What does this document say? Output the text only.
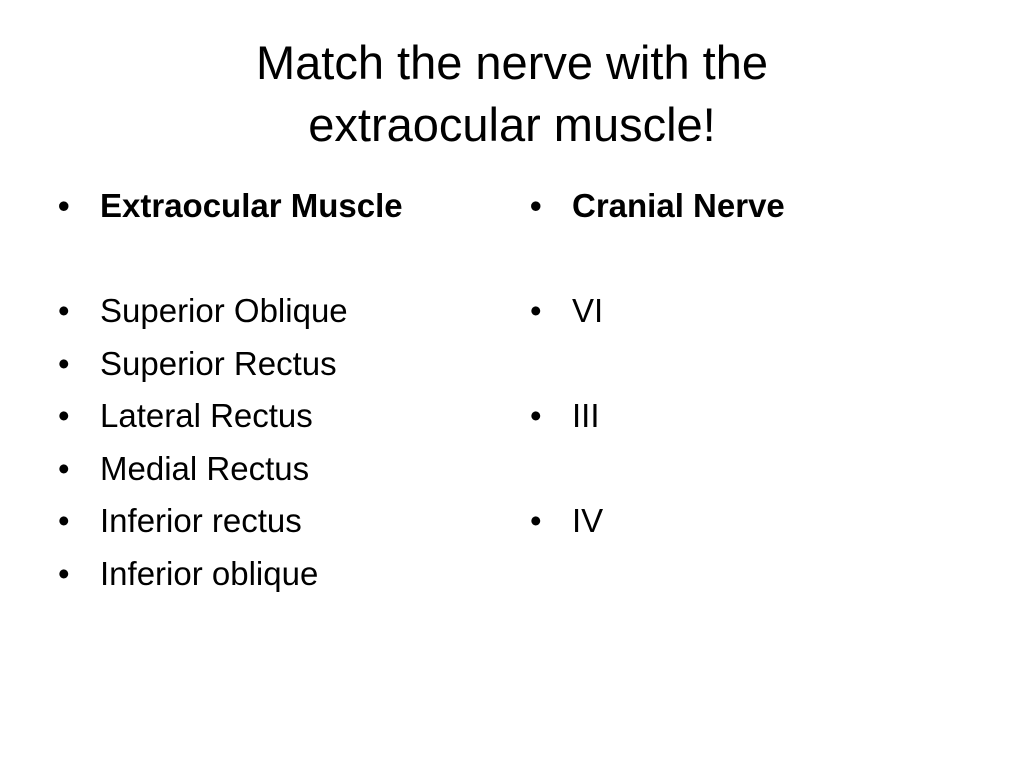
Match the nerve with the
extraocular muscle!
• Extraocular Muscle
• Superior Oblique
• Superior Rectus
• Lateral Rectus
• Medial Rectus
• Inferior rectus
• Inferior oblique
• Cranial Nerve
• VI
• III
• IV
